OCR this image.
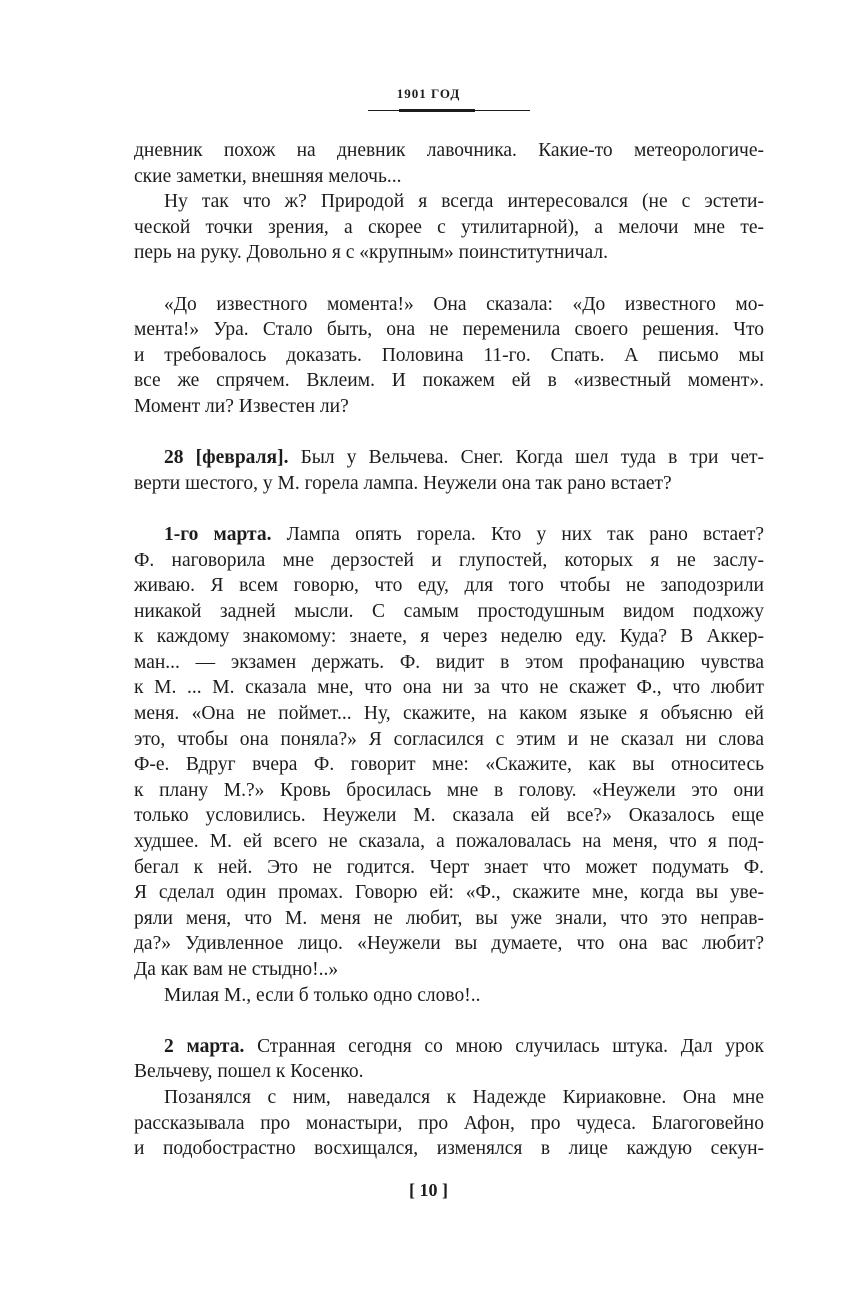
1901 ГОД
дневник похож на дневник лавочника. Какие-то метеорологиче-
ские заметки, внешняя мелочь...
Ну так что ж? Природой я всегда интересовался (не с эстети-
ческой точки зрения, а скорее с утилитарной), а мелочи мне те-
перь на руку. Довольно я с «крупным» поинститутничал.
«До известного момента!» Она сказала: «До известного мо-
мента!» Ура. Стало быть, она не переменила своего решения. Что
и требовалось доказать. Половина 11-го. Спать. А письмо мы
все же спрячем. Вклеим. И покажем ей в «известный момент».
Момент ли? Известен ли?
28 [февраля]. Был у Вельчева. Снег. Когда шел туда в три чет-
верти шестого, у М. горела лампа. Неужели она так рано встает?
1-го марта. Лампа опять горела. Кто у них так рано встает?
Ф. наговорила мне дерзостей и глупостей, которых я не заслу-
живаю. Я всем говорю, что еду, для того чтобы не заподозрили
никакой задней мысли. С самым простодушным видом подхожу
к каждому знакомому: знаете, я через неделю еду. Куда? В Аккер-
ман... — экзамен держать. Ф. видит в этом профанацию чувства
к М. ... М. сказала мне, что она ни за что не скажет Ф., что любит
меня. «Она не поймет... Ну, скажите, на каком языке я объясню ей
это, чтобы она поняла?» Я согласился с этим и не сказал ни слова
Ф-е. Вдруг вчера Ф. говорит мне: «Скажите, как вы относитесь
к плану М.?» Кровь бросилась мне в голову. «Неужели это они
только условились. Неужели М. сказала ей все?» Оказалось еще
худшее. М. ей всего не сказала, а пожаловалась на меня, что я под-
бегал к ней. Это не годится. Черт знает что может подумать Ф.
Я сделал один промах. Говорю ей: «Ф., скажите мне, когда вы уве-
ряли меня, что М. меня не любит, вы уже знали, что это неправ-
да?» Удивленное лицо. «Неужели вы думаете, что она вас любит?
Да как вам не стыдно!..»
Милая М., если б только одно слово!..
2 марта. Странная сегодня со мною случилась штука. Дал урок
Вельчеву, пошел к Косенко.
Позанялся с ним, наведался к Надежде Кириаковне. Она мне
рассказывала про монастыри, про Афон, про чудеса. Благоговейно
и подобострастно восхищался, изменялся в лице каждую секун-
[ 10 ]
